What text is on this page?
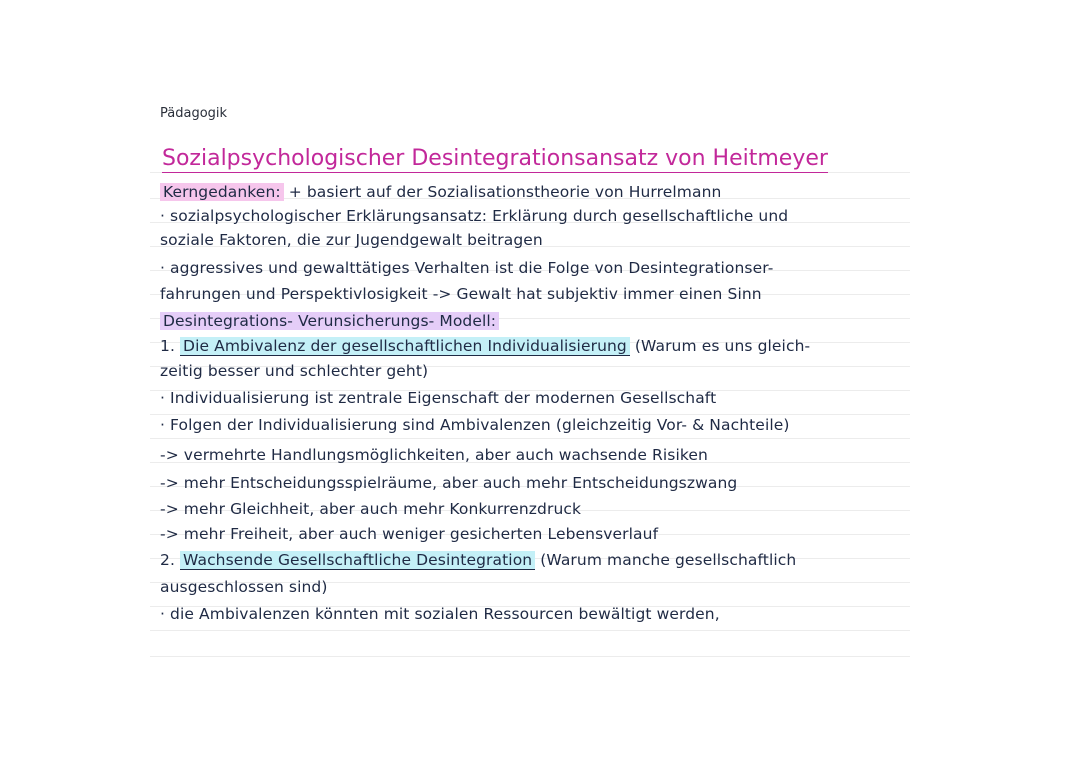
Pädagogik
Sozialpsychologischer Desintegrationsansatz von Heitmeyer
Kerngedanken: + basiert auf der Sozialisationstheorie von Hurrelmann
· sozialpsychologischer Erklärungsansatz: Erklärung durch gesellschaftliche und
soziale Faktoren, die zur Jugendgewalt beitragen
· aggressives und gewalttätiges Verhalten ist die Folge von Desintegrationser-
fahrungen und Perspektivlosigkeit -> Gewalt hat subjektiv immer einen Sinn
Desintegrations- Verunsicherungs- Modell:
1. Die Ambivalenz der gesellschaftlichen Individualisierung (Warum es uns gleich-
zeitig besser und schlechter geht)
· Individualisierung ist zentrale Eigenschaft der modernen Gesellschaft
· Folgen der Individualisierung sind Ambivalenzen (gleichzeitig Vor- & Nachteile)
-> vermehrte Handlungsmöglichkeiten, aber auch wachsende Risiken
-> mehr Entscheidungsspielräume, aber auch mehr Entscheidungszwang
-> mehr Gleichheit, aber auch mehr Konkurrenzdruck
-> mehr Freiheit, aber auch weniger gesicherten Lebensverlauf
2. Wachsende Gesellschaftliche Desintegration (Warum manche gesellschaftlich
ausgeschlossen sind)
· die Ambivalenzen könnten mit sozialen Ressourcen bewältigt werden,
